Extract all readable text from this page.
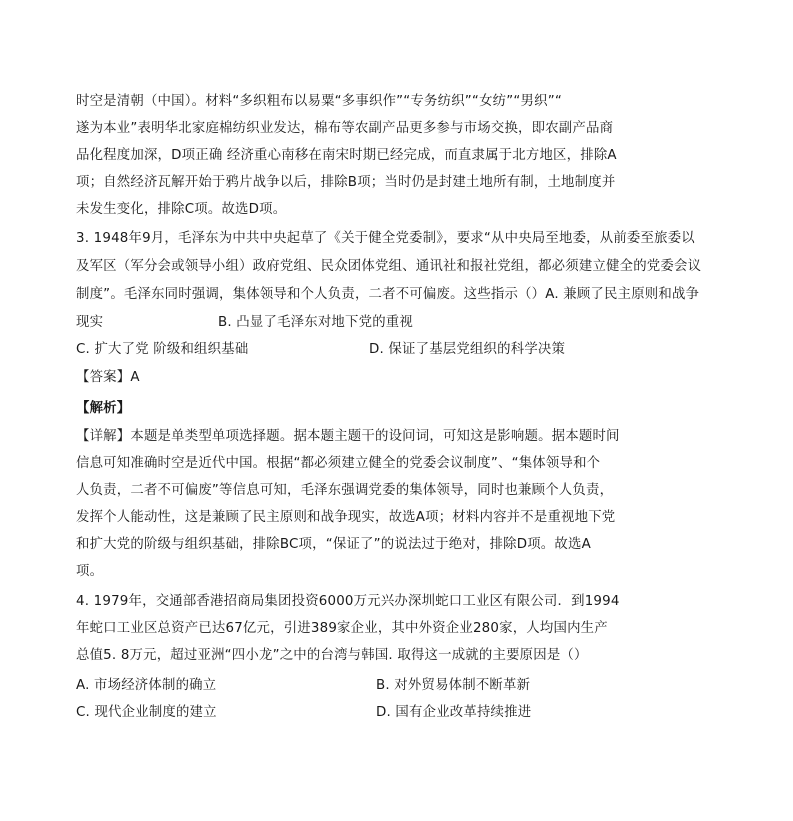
时空是清朝（中国）。材料“多织粗布以易粟“多事织作”“专务纺织”“女纺”“男织”“
遂为本业”表明华北家庭棉纺织业发达，棉布等农副产品更多参与市场交换，即农副产品商
品化程度加深，D项正确 经济重心南移在南宋时期已经完成，而直隶属于北方地区，排除A
项；自然经济瓦解开始于鸦片战争以后，排除B项；当时仍是封建土地所有制，土地制度并
未发生变化，排除C项。故选D项。
3. 1948年9月，毛泽东为中共中央起草了《关于健全党委制》，要求“从中央局至地委，从前委至旅委以
及军区（军分会或领导小组）政府党组、民众团体党组、通讯社和报社党组，都必须建立健全的党委会议
制度”。毛泽东同时强调，集体领导和个人负责，二者不可偏废。这些指示（）A. 兼顾了民主原则和战争
现实	B. 凸显了毛泽东对地下党的重视
C. 扩大了党 阶级和组织基础	D. 保证了基层党组织的科学决策
【答案】A
【解析】
【详解】本题是单类型单项选择题。据本题主题干的设问词，可知这是影响题。据本题时间
信息可知准确时空是近代中国。根据“都必须建立健全的党委会议制度”、“集体领导和个
人负责，二者不可偏废”等信息可知，毛泽东强调党委的集体领导，同时也兼顾个人负责，
发挥个人能动性，这是兼顾了民主原则和战争现实，故选A项；材料内容并不是重视地下党
和扩大党的阶级与组织基础，排除BC项，“保证了”的说法过于绝对，排除D项。故选A
项。
4. 1979年，交通部香港招商局集团投资6000万元兴办深圳蛇口工业区有限公司．到1994
年蛇口工业区总资产已达67亿元，引进389家企业，其中外资企业280家，人均国内生产
总值5. 8万元，超过亚洲“四小龙”之中的台湾与韩国. 取得这一成就的主要原因是（）
A. 市场经济体制的确立	B. 对外贸易体制不断革新
C. 现代企业制度的建立	D. 国有企业改革持续推进
